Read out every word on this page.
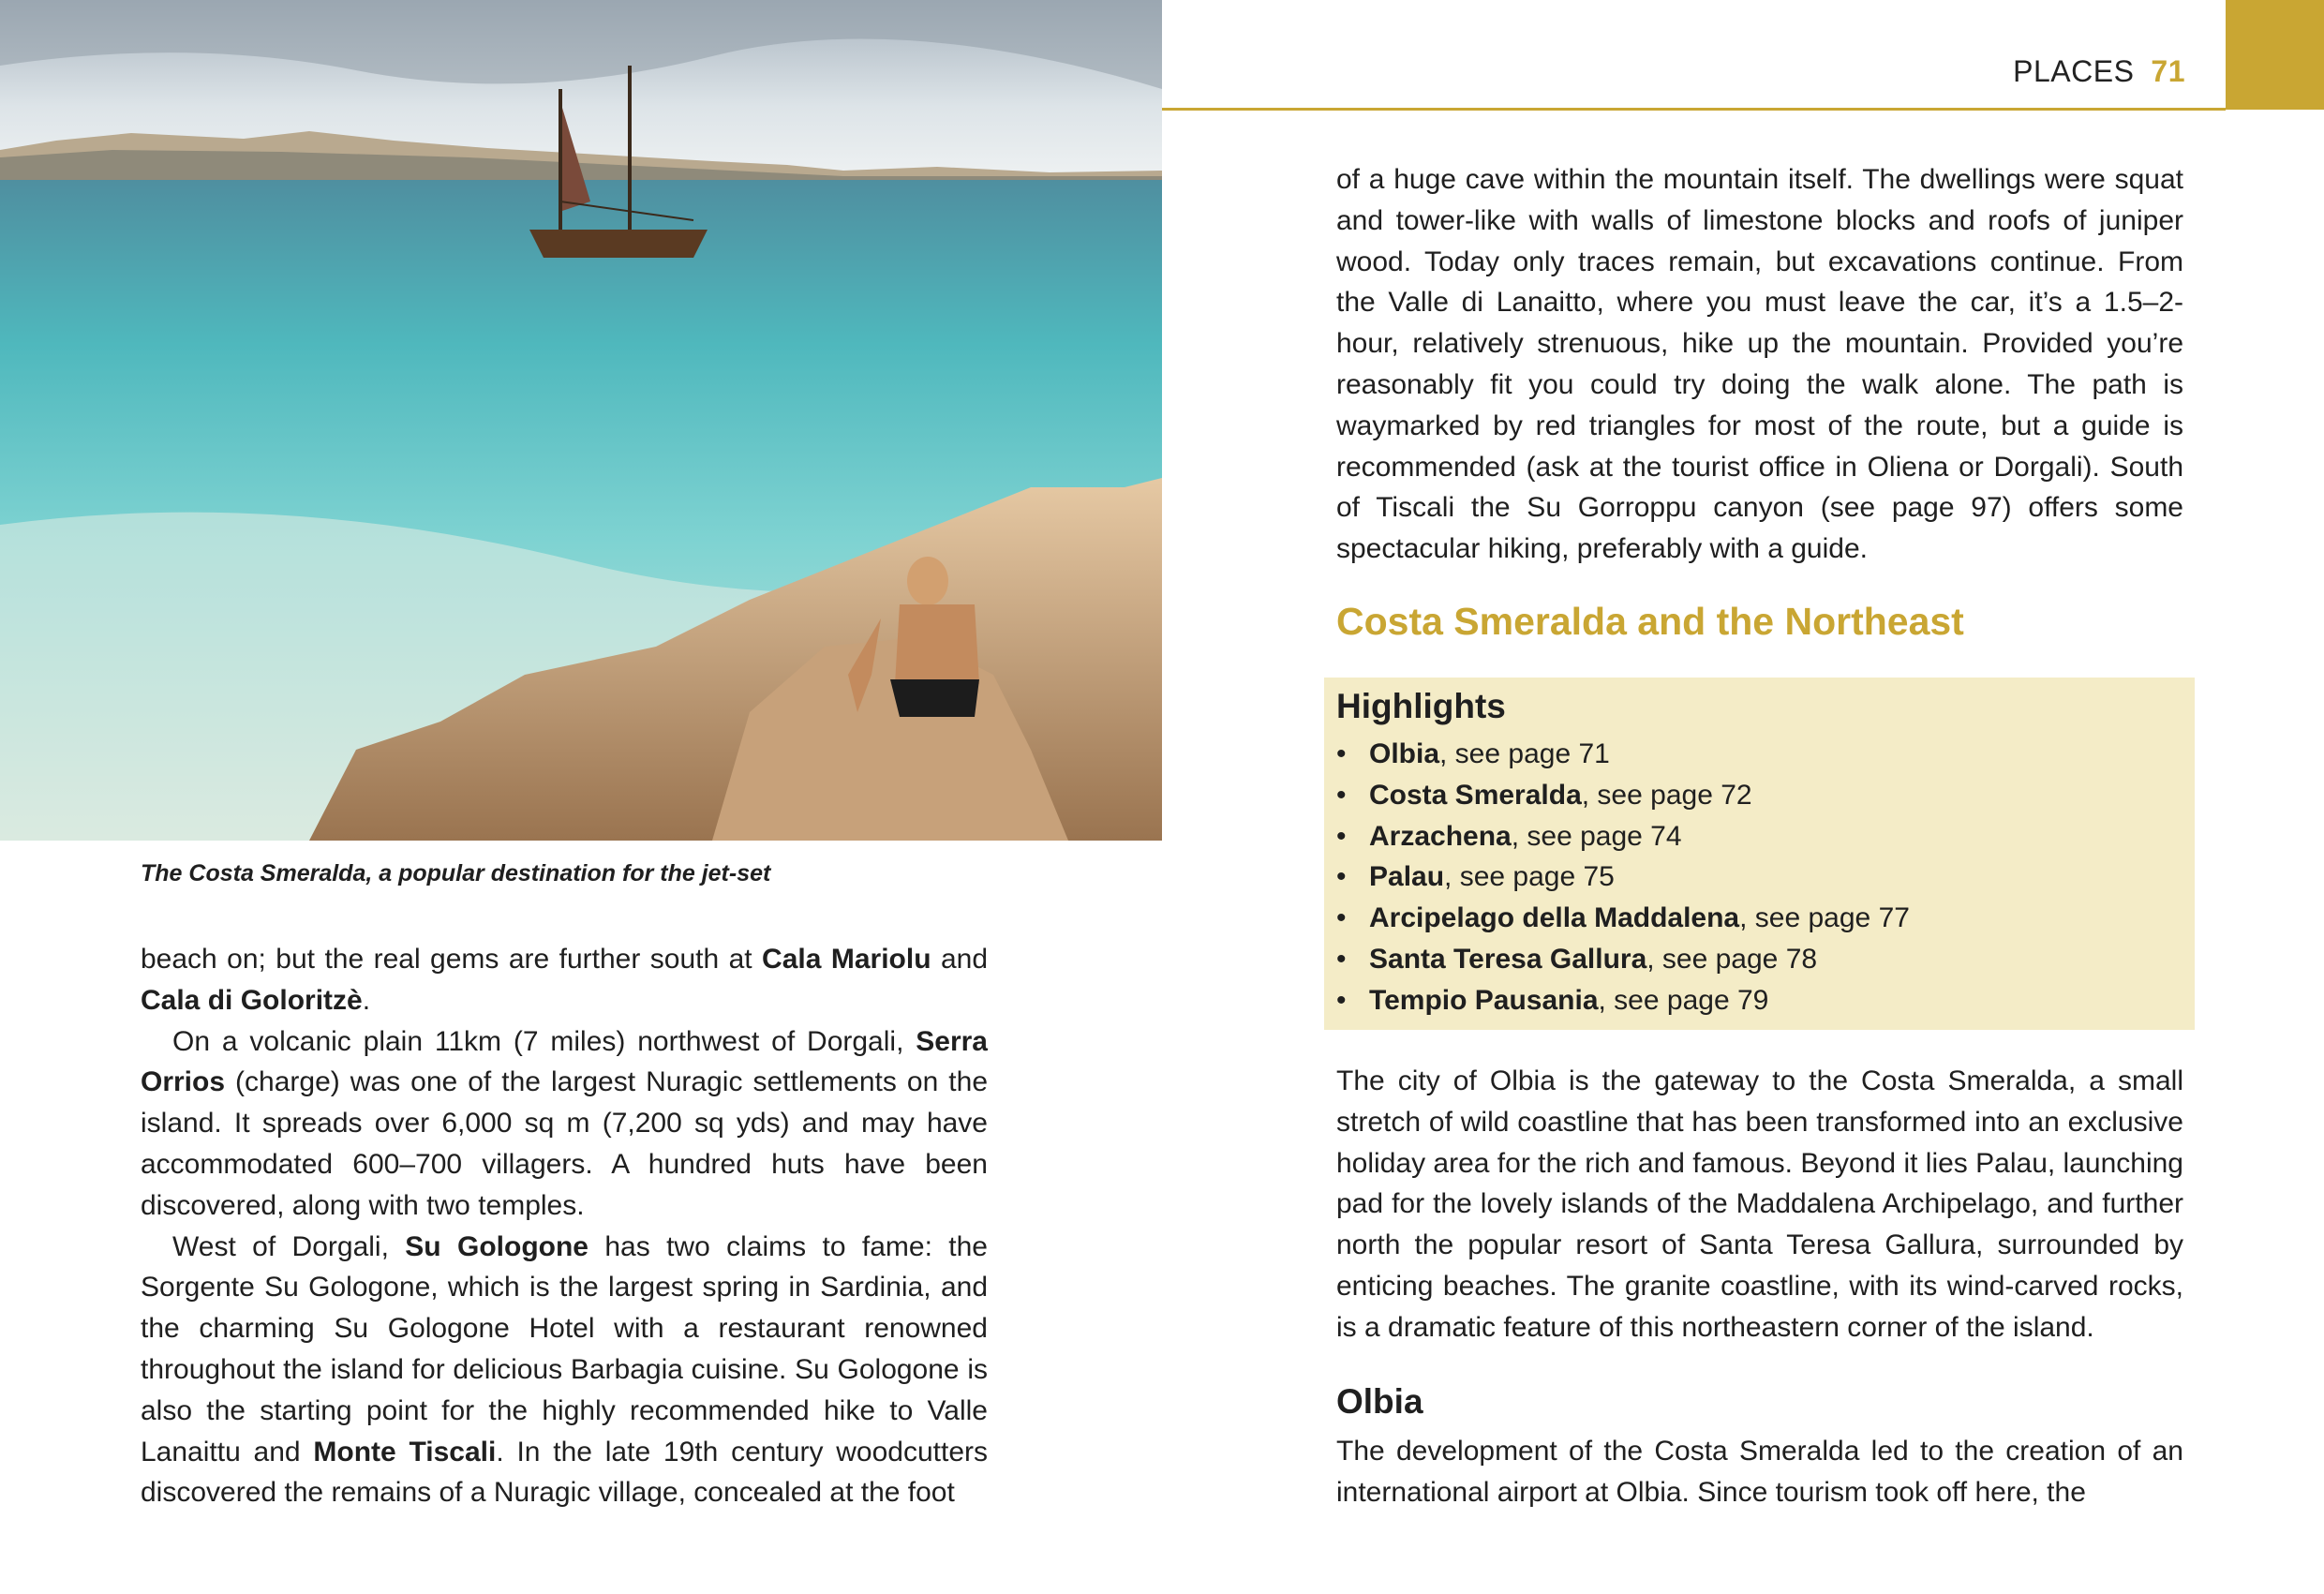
The Costa Smeralda, a popular destination for the jet-set
PLACES 71

beach on; but the real gems are further south at Cala Mariolu and Cala di Goloritzè.

On a volcanic plain 11km (7 miles) northwest of Dorgali, Serra Orrios (charge) was one of the largest Nuragic settlements on the island. It spreads over 6,000 sq m (7,200 sq yds) and may have accommodated 600–700 villagers. A hundred huts have been discovered, along with two temples.

West of Dorgali, Su Gologone has two claims to fame: the Sorgente Su Gologone, which is the largest spring in Sardinia, and the charming Su Gologone Hotel with a restaurant renowned throughout the island for delicious Barbagia cuisine. Su Gologone is also the starting point for the highly recommended hike to Valle Lanaittu and Monte Tiscali. In the late 19th century woodcutters discovered the remains of a Nuragic village, concealed at the foot

of a huge cave within the mountain itself. The dwellings were squat and tower-like with walls of limestone blocks and roofs of juniper wood. Today only traces remain, but excavations continue. From the Valle di Lanaitto, where you must leave the car, it’s a 1.5–2-hour, relatively strenuous, hike up the mountain. Provided you’re reasonably fit you could try doing the walk alone. The path is waymarked by red triangles for most of the route, but a guide is recommended (ask at the tourist office in Oliena or Dorgali). South of Tiscali the Su Gorroppu canyon (see page 97) offers some spectacular hiking, preferably with a guide.

Costa Smeralda and the Northeast
Highlights
• Olbia, see page 71
• Costa Smeralda, see page 72
• Arzachena, see page 74
• Palau, see page 75
• Arcipelago della Maddalena, see page 77
• Santa Teresa Gallura, see page 78
• Tempio Pausania, see page 79

The city of Olbia is the gateway to the Costa Smeralda, a small stretch of wild coastline that has been transformed into an exclusive holiday area for the rich and famous. Beyond it lies Palau, launching pad for the lovely islands of the Maddalena Archipelago, and further north the popular resort of Santa Teresa Gallura, surrounded by enticing beaches. The granite coastline, with its wind-carved rocks, is a dramatic feature of this northeastern corner of the island.

Olbia

The development of the Costa Smeralda led to the creation of an international airport at Olbia. Since tourism took off here, the
